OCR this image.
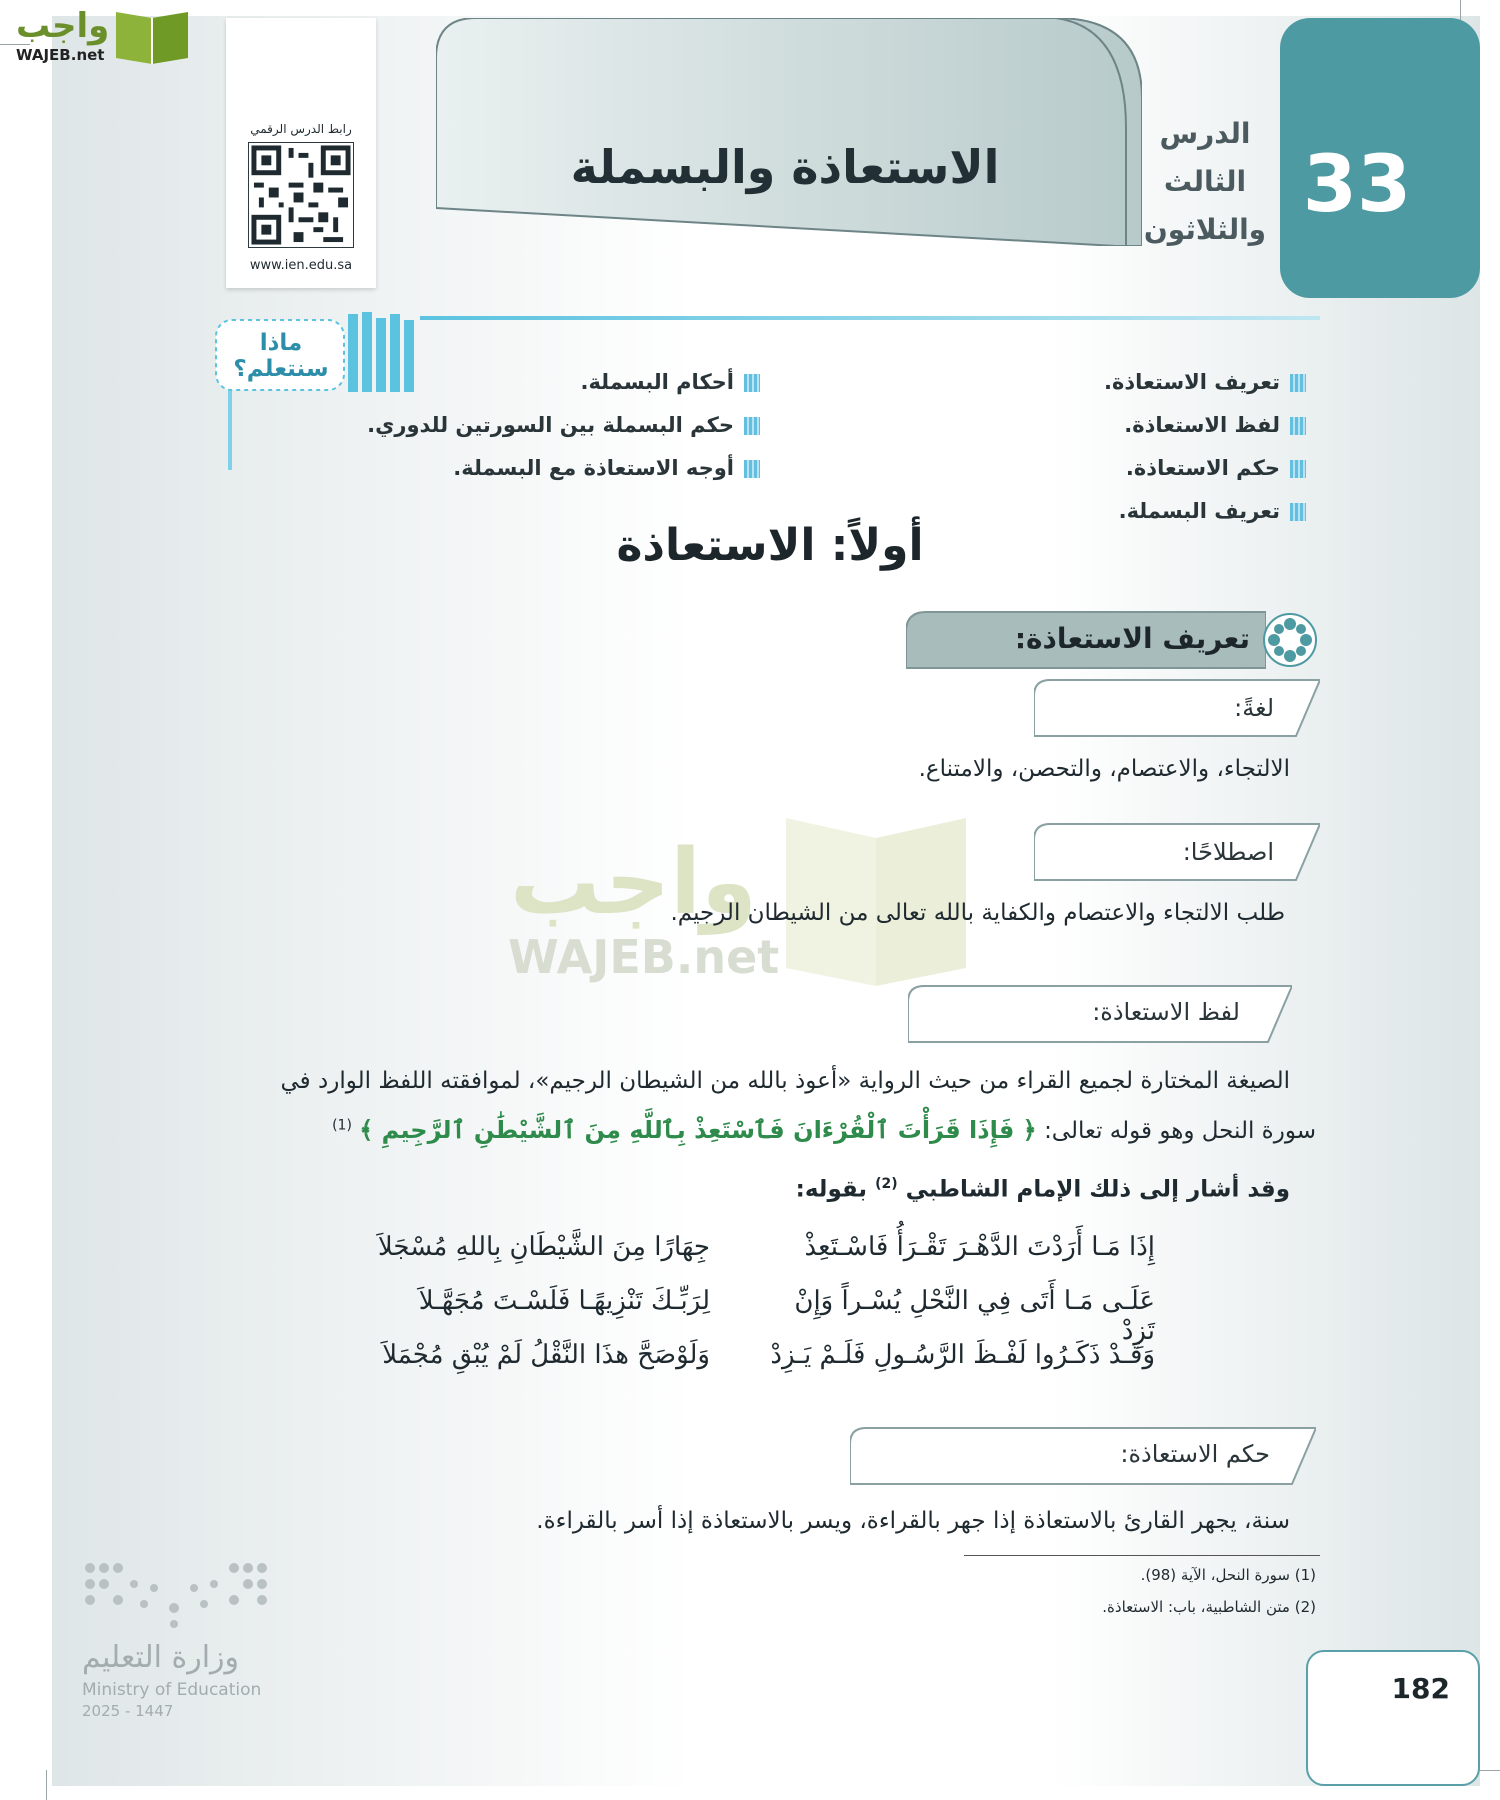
واجب
WAJEB.net
رابط الدرس الرقمي
www.ien.edu.sa
33
الدرس
الثالث
والثلاثون
الاستعاذة والبسملة
ماذا
سنتعلم؟	تعريف الاستعاذة.
لفظ الاستعاذة.
حكم الاستعاذة.
تعريف البسملة.
أحكام البسملة.
حكم البسملة بين السورتين للدوري.
أوجه الاستعاذة مع البسملة.
أولاً: الاستعاذة
واجب
WAJEB.net
تعريف الاستعاذة:
لغةً:
الالتجاء، والاعتصام، والتحصن، والامتناع.
اصطلاحًا:
طلب الالتجاء والاعتصام والكفاية بالله تعالى من الشيطان الرجيم.
لفظ الاستعاذة:
الصيغة المختارة لجميع القراء من حيث الرواية «أعوذ بالله من الشيطان الرجيم»، لموافقته اللفظ الوارد في
سورة النحل وهو قوله تعالى: ﴿ فَإِذَا قَرَأْتَ ٱلْقُرْءَانَ فَٱسْتَعِذْ بِٱللَّهِ مِنَ ٱلشَّيْطَٰنِ ٱلرَّجِيمِ ﴾ $^{(1)}$
وقد أشار إلى ذلك الإمام الشاطبي $^{(2)}$ بقوله:
إِذَا مَـا أَرَدْتَ الدَّهْـرَ تَقْـرَأُ فَاسْـتَعِذْ
عَلَـى مَـا أَتَى فِي النَّحْلِ يُسْـراً وَإِنْ تَزِدْ
وَقَـدْ ذَكَـرُوا لَفْـظَ الرَّسُـولِ فَلَـمْ يَـزِدْ
جِهَارًا مِنَ الشَّيْطَانِ بِاللهِ مُسْجَلاَ
لِرَبِّـكَ تَنْزِيهًـا فَلَسْـتَ مُجَهَّـلاَ
وَلَوْصَحَّ هذَا النَّقْلُ لَمْ يُبْقِ مُجْمَلاَ
حكم الاستعاذة:
سنة، يجهر القارئ بالاستعاذة إذا جهر بالقراءة، ويسر بالاستعاذة إذا أسر بالقراءة.
(1) سورة النحل، الآية (98).
(2) متن الشاطبية، باب: الاستعاذة.
وزارة التعليم
Ministry of Education
2025 - 1447
182
